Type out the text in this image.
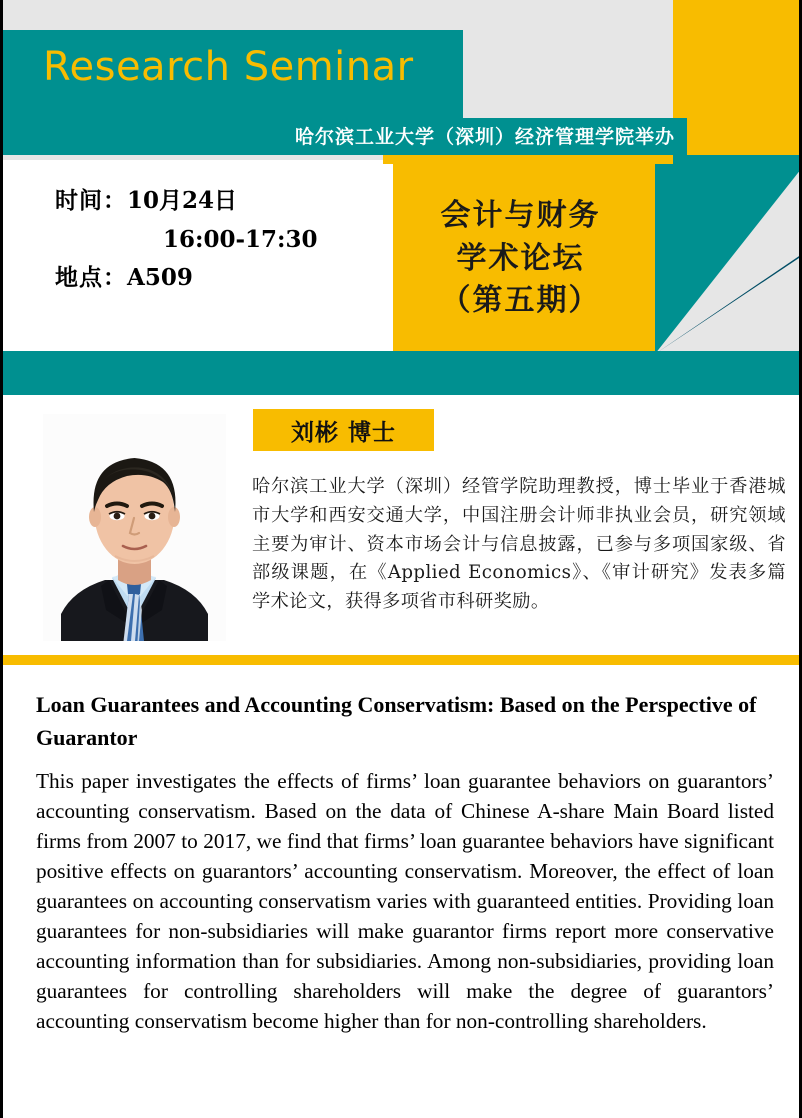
Research Seminar
哈尔滨工业大学（深圳）经济管理学院举办
时间：10月24日
16:00-17:30
地点：A509
会计与财务
学术论坛
（第五期）
刘彬 博士
哈尔滨工业大学（深圳）经管学院助理教授，博士毕业于香港城市大学和西安交通大学，中国注册会计师非执业会员，研究领域主要为审计、资本市场会计与信息披露，已参与多项国家级、省部级课题，在《Applied Economics》、《审计研究》发表多篇学术论文，获得多项省市科研奖励。
Loan Guarantees and Accounting Conservatism: Based on the Perspective of Guarantor
This paper investigates the effects of firms’ loan guarantee behaviors on guarantors’ accounting conservatism. Based on the data of Chinese A-share Main Board listed firms from 2007 to 2017, we find that firms’ loan guarantee behaviors have significant positive effects on guarantors’ accounting conservatism. Moreover, the effect of loan guarantees on accounting conservatism varies with guaranteed entities. Providing loan guarantees for non-subsidiaries will make guarantor firms report more conservative accounting information than for subsidiaries. Among non-subsidiaries, providing loan guarantees for controlling shareholders will make the degree of guarantors’ accounting conservatism become higher than for non-controlling shareholders.
